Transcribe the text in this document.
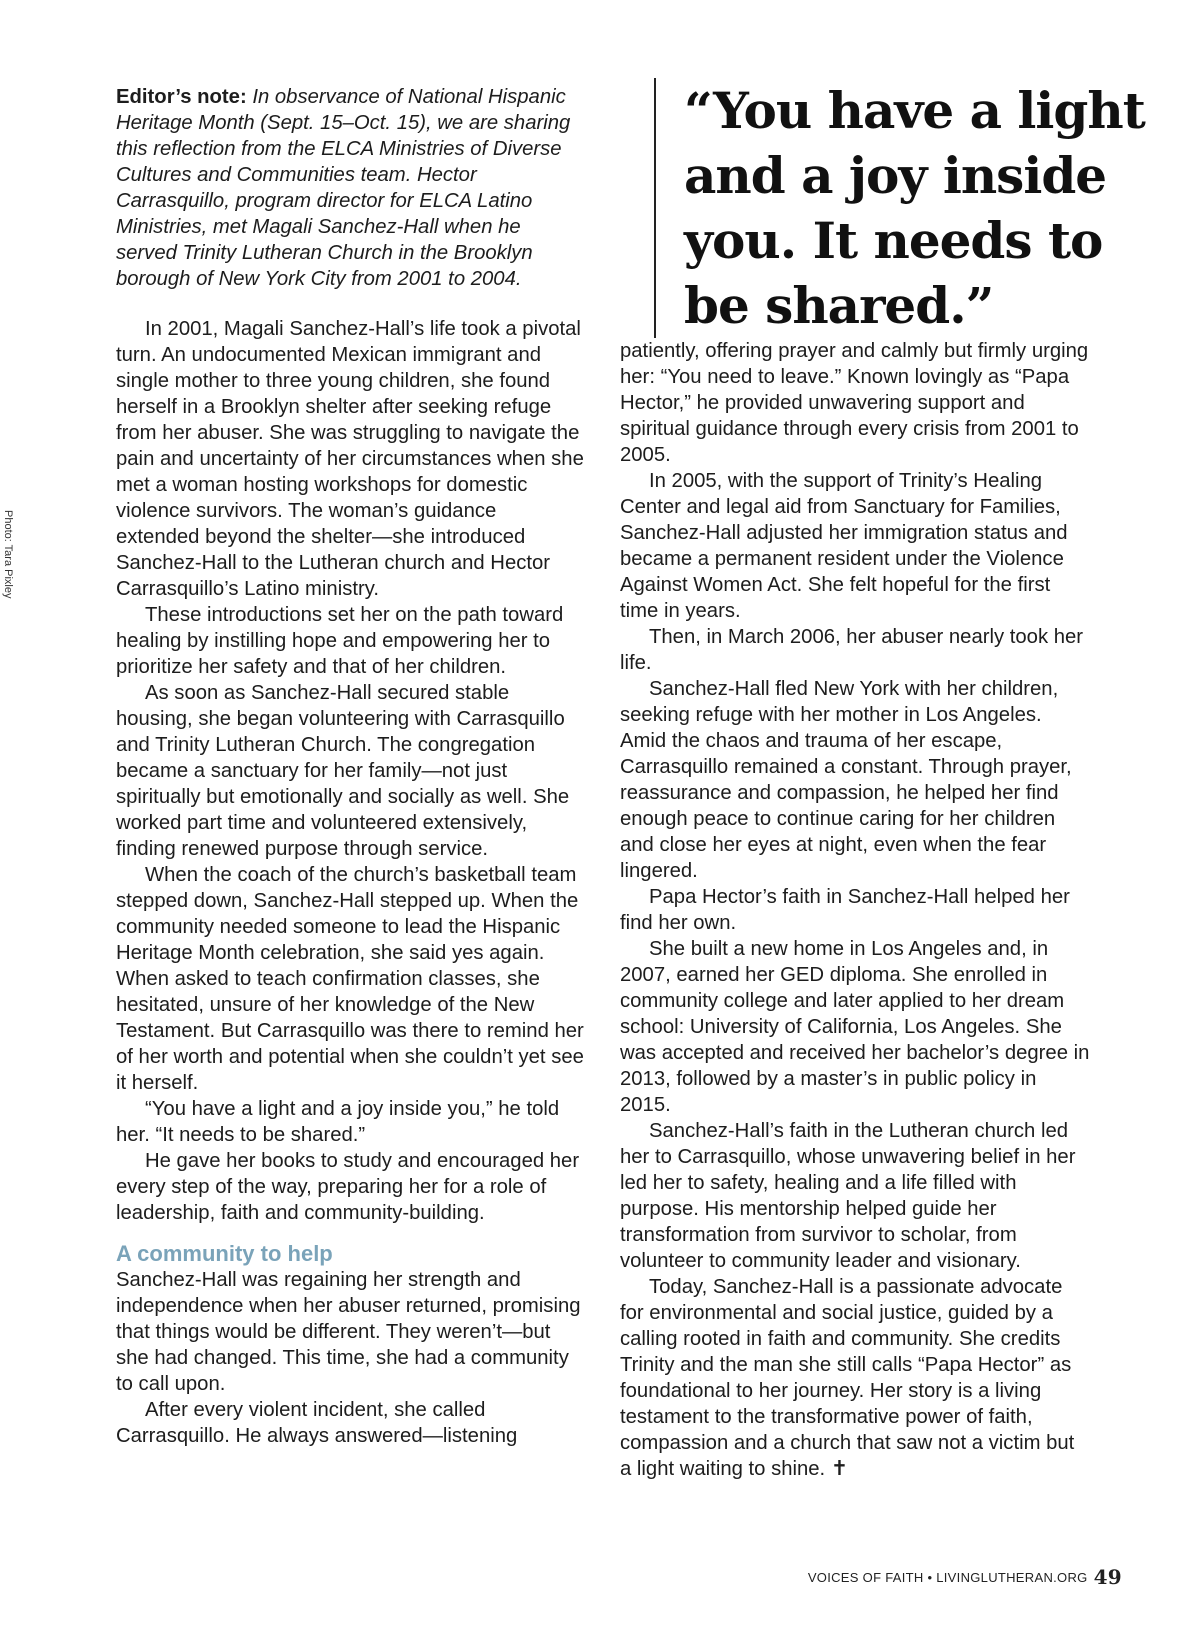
Photo: Tara Pixley

Editor’s note: In observance of National Hispanic Heritage Month (Sept. 15–Oct. 15), we are sharing this reflection from the ELCA Ministries of Diverse Cultures and Communities team. Hector Carrasquillo, program director for ELCA Latino Ministries, met Magali Sanchez-Hall when he served Trinity Lutheran Church in the Brooklyn borough of New York City from 2001 to 2004.

In 2001, Magali Sanchez-Hall’s life took a pivotal turn. An undocumented Mexican immigrant and single mother to three young children, she found herself in a Brooklyn shelter after seeking refuge from her abuser. She was struggling to navigate the pain and uncertainty of her circumstances when she met a woman hosting workshops for domestic violence survivors. The woman’s guidance extended beyond the shelter—she introduced Sanchez-Hall to the Lutheran church and Hector Carrasquillo’s Latino ministry.

These introductions set her on the path toward healing by instilling hope and empowering her to prioritize her safety and that of her children.

As soon as Sanchez-Hall secured stable housing, she began volunteering with Carrasquillo and Trinity Lutheran Church. The congregation became a sanctuary for her family—not just spiritually but emotionally and socially as well. She worked part time and volunteered extensively, finding renewed purpose through service.

When the coach of the church’s basketball team stepped down, Sanchez-Hall stepped up. When the community needed someone to lead the Hispanic Heritage Month celebration, she said yes again. When asked to teach confirmation classes, she hesitated, unsure of her knowledge of the New Testament. But Carrasquillo was there to remind her of her worth and potential when she couldn’t yet see it herself.

“You have a light and a joy inside you,” he told her. “It needs to be shared.”

He gave her books to study and encouraged her every step of the way, preparing her for a role of leadership, faith and community-building.

A community to help

Sanchez-Hall was regaining her strength and independence when her abuser returned, promising that things would be different. They weren’t—but she had changed. This time, she had a community to call upon.

After every violent incident, she called Carrasquillo. He always answered—listening

“You have a light and a joy inside you. It needs to be shared.”

patiently, offering prayer and calmly but firmly urging her: “You need to leave.” Known lovingly as “Papa Hector,” he provided unwavering support and spiritual guidance through every crisis from 2001 to 2005.

In 2005, with the support of Trinity’s Healing Center and legal aid from Sanctuary for Families, Sanchez-Hall adjusted her immigration status and became a permanent resident under the Violence Against Women Act. She felt hopeful for the first time in years.

Then, in March 2006, her abuser nearly took her life.

Sanchez-Hall fled New York with her children, seeking refuge with her mother in Los Angeles. Amid the chaos and trauma of her escape, Carrasquillo remained a constant. Through prayer, reassurance and compassion, he helped her find enough peace to continue caring for her children and close her eyes at night, even when the fear lingered.

Papa Hector’s faith in Sanchez-Hall helped her find her own.

She built a new home in Los Angeles and, in 2007, earned her GED diploma. She enrolled in community college and later applied to her dream school: University of California, Los Angeles. She was accepted and received her bachelor’s degree in 2013, followed by a master’s in public policy in 2015.

Sanchez-Hall’s faith in the Lutheran church led her to Carrasquillo, whose unwavering belief in her led her to safety, healing and a life filled with purpose. His mentorship helped guide her transformation from survivor to scholar, from volunteer to community leader and visionary.

Today, Sanchez-Hall is a passionate advocate for environmental and social justice, guided by a calling rooted in faith and community. She credits Trinity and the man she still calls “Papa Hector” as foundational to her journey. Her story is a living testament to the transformative power of faith, compassion and a church that saw not a victim but a light waiting to shine. ✝

VOICES OF FAITH • LIVINGLUTHERAN.ORG 49
